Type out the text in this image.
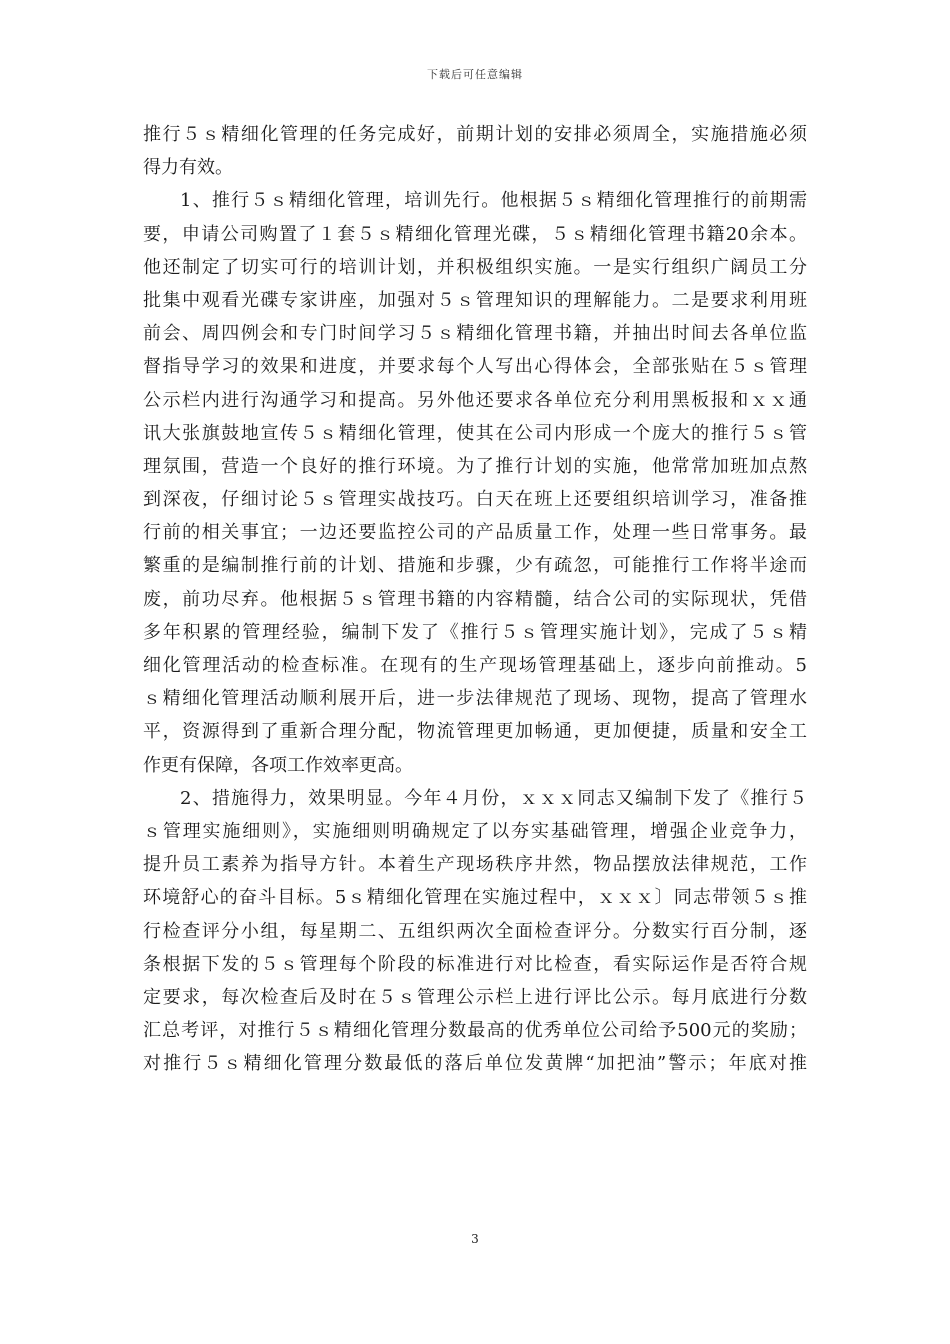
下载后可任意编辑
推行５ｓ精细化管理的任务完成好，前期计划的安排必须周全，实施措施必须
得力有效。
1、推行５ｓ精细化管理，培训先行。他根据５ｓ精细化管理推行的前期需
要，申请公司购置了１套５ｓ精细化管理光碟，５ｓ精细化管理书籍20余本。
他还制定了切实可行的培训计划，并积极组织实施。一是实行组织广阔员工分
批集中观看光碟专家讲座，加强对５ｓ管理知识的理解能力。二是要求利用班
前会、周四例会和专门时间学习５ｓ精细化管理书籍，并抽出时间去各单位监
督指导学习的效果和进度，并要求每个人写出心得体会，全部张贴在５ｓ管理
公示栏内进行沟通学习和提高。另外他还要求各单位充分利用黑板报和ｘｘ通
讯大张旗鼓地宣传５ｓ精细化管理，使其在公司内形成一个庞大的推行５ｓ管
理氛围，营造一个良好的推行环境。为了推行计划的实施，他常常加班加点熬
到深夜，仔细讨论５ｓ管理实战技巧。白天在班上还要组织培训学习，准备推
行前的相关事宜；一边还要监控公司的产品质量工作，处理一些日常事务。最
繁重的是编制推行前的计划、措施和步骤，少有疏忽，可能推行工作将半途而
废，前功尽弃。他根据５ｓ管理书籍的内容精髓，结合公司的实际现状，凭借
多年积累的管理经验，编制下发了《推行５ｓ管理实施计划》，完成了５ｓ精
细化管理活动的检查标准。在现有的生产现场管理基础上，逐步向前推动。5
ｓ精细化管理活动顺利展开后，进一步法律规范了现场、现物，提高了管理水
平，资源得到了重新合理分配，物流管理更加畅通，更加便捷，质量和安全工
作更有保障，各项工作效率更高。
2、措施得力，效果明显。今年４月份，ｘｘｘ同志又编制下发了《推行５
ｓ管理实施细则》，实施细则明确规定了以夯实基础管理，增强企业竞争力，
提升员工素养为指导方针。本着生产现场秩序井然，物品摆放法律规范，工作
环境舒心的奋斗目标。5ｓ精细化管理在实施过程中，ｘｘｘ〕同志带领５ｓ推
行检查评分小组，每星期二、五组织两次全面检查评分。分数实行百分制，逐
条根据下发的５ｓ管理每个阶段的标准进行对比检查，看实际运作是否符合规
定要求，每次检查后及时在５ｓ管理公示栏上进行评比公示。每月底进行分数
汇总考评，对推行５ｓ精细化管理分数最高的优秀单位公司给予500元的奖励；
对推行５ｓ精细化管理分数最低的落后单位发黄牌“加把油”警示；年底对推
3
